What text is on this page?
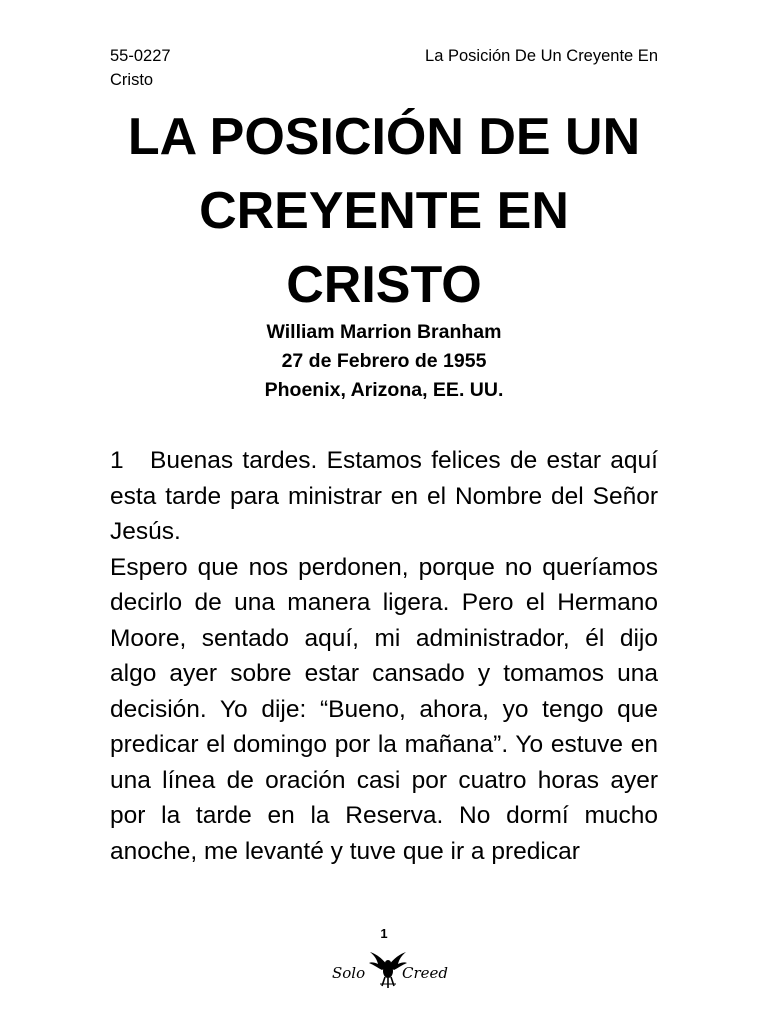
55-0227	La Posición De Un Creyente En
Cristo
LA POSICIÓN DE UN
CREYENTE EN
CRISTO
William Marrion Branham
27 de Febrero de 1955
Phoenix, Arizona, EE. UU.

1 Buenas tardes. Estamos felices de estar aquí esta tarde para ministrar en el Nombre del Señor Jesús.

Espero que nos perdonen, porque no queríamos decirlo de una manera ligera. Pero el Hermano Moore, sentado aquí, mi administrador, él dijo algo ayer sobre estar cansado y tomamos una decisión. Yo dije: “Bueno, ahora, yo tengo que predicar el domingo por la mañana”. Yo estuve en una línea de oración casi por cuatro horas ayer por la tarde en la Reserva. No dormí mucho anoche, me levanté y tuve que ir a predicar

1
Solo Creed
